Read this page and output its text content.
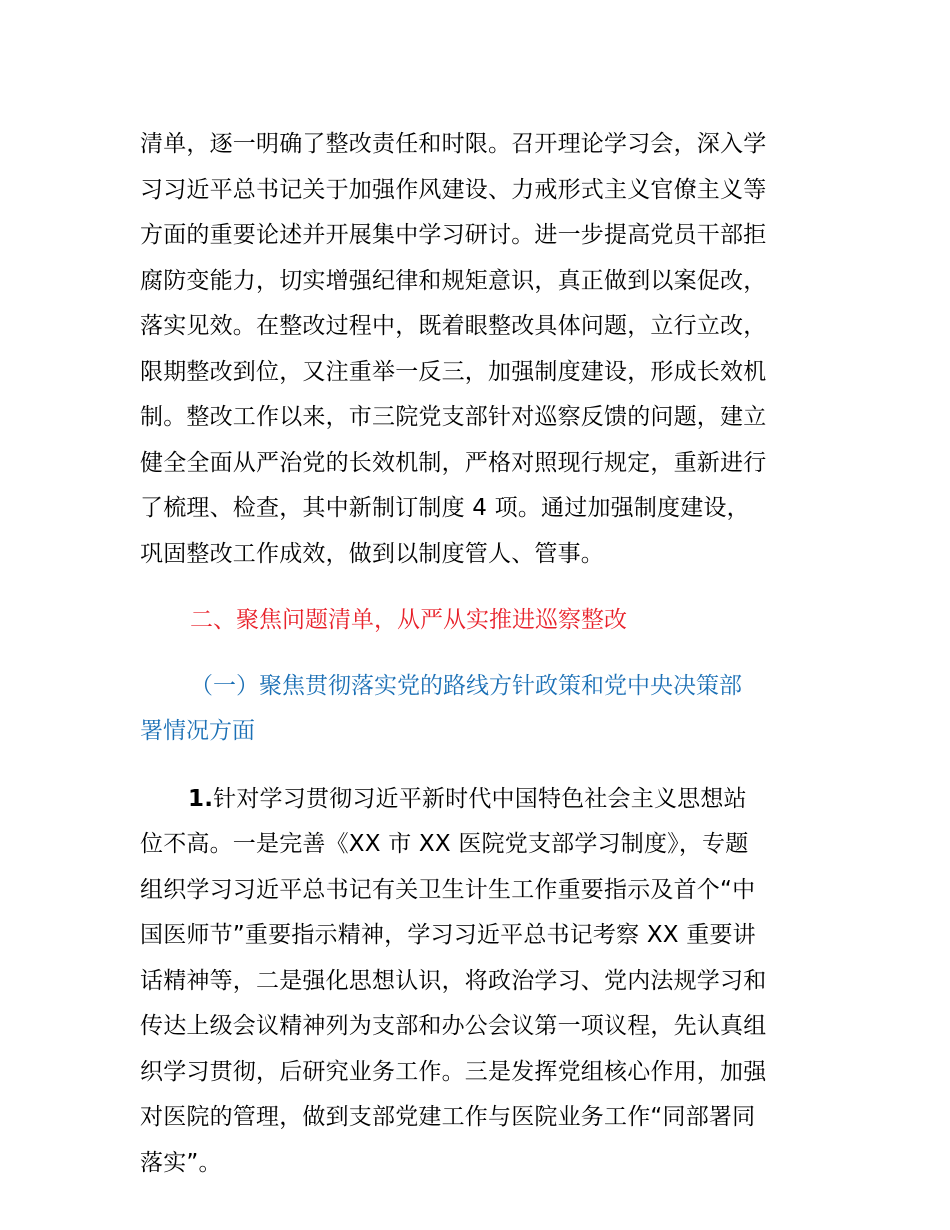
清单，逐一明确了整改责任和时限。召开理论学习会，深入学
习习近平总书记关于加强作风建设、力戒形式主义官僚主义等
方面的重要论述并开展集中学习研讨。进一步提高党员干部拒
腐防变能力，切实增强纪律和规矩意识，真正做到以案促改，
落实见效。在整改过程中，既着眼整改具体问题，立行立改，
限期整改到位，又注重举一反三，加强制度建设，形成长效机
制。整改工作以来，市三院党支部针对巡察反馈的问题，建立
健全全面从严治党的长效机制，严格对照现行规定，重新进行
了梳理、检查，其中新制订制度 4 项。通过加强制度建设，
巩固整改工作成效，做到以制度管人、管事。
二、聚焦问题清单，从严从实推进巡察整改
（一）聚焦贯彻落实党的路线方针政策和党中央决策部
署情况方面
1.针对学习贯彻习近平新时代中国特色社会主义思想站
位不高。一是完善《XX 市 XX 医院党支部学习制度》，专题
组织学习习近平总书记有关卫生计生工作重要指示及首个“中
国医师节”重要指示精神，学习习近平总书记考察 XX 重要讲
话精神等，二是强化思想认识，将政治学习、党内法规学习和
传达上级会议精神列为支部和办公会议第一项议程，先认真组
织学习贯彻，后研究业务工作。三是发挥党组核心作用，加强
对医院的管理，做到支部党建工作与医院业务工作“同部署同
落实”。
